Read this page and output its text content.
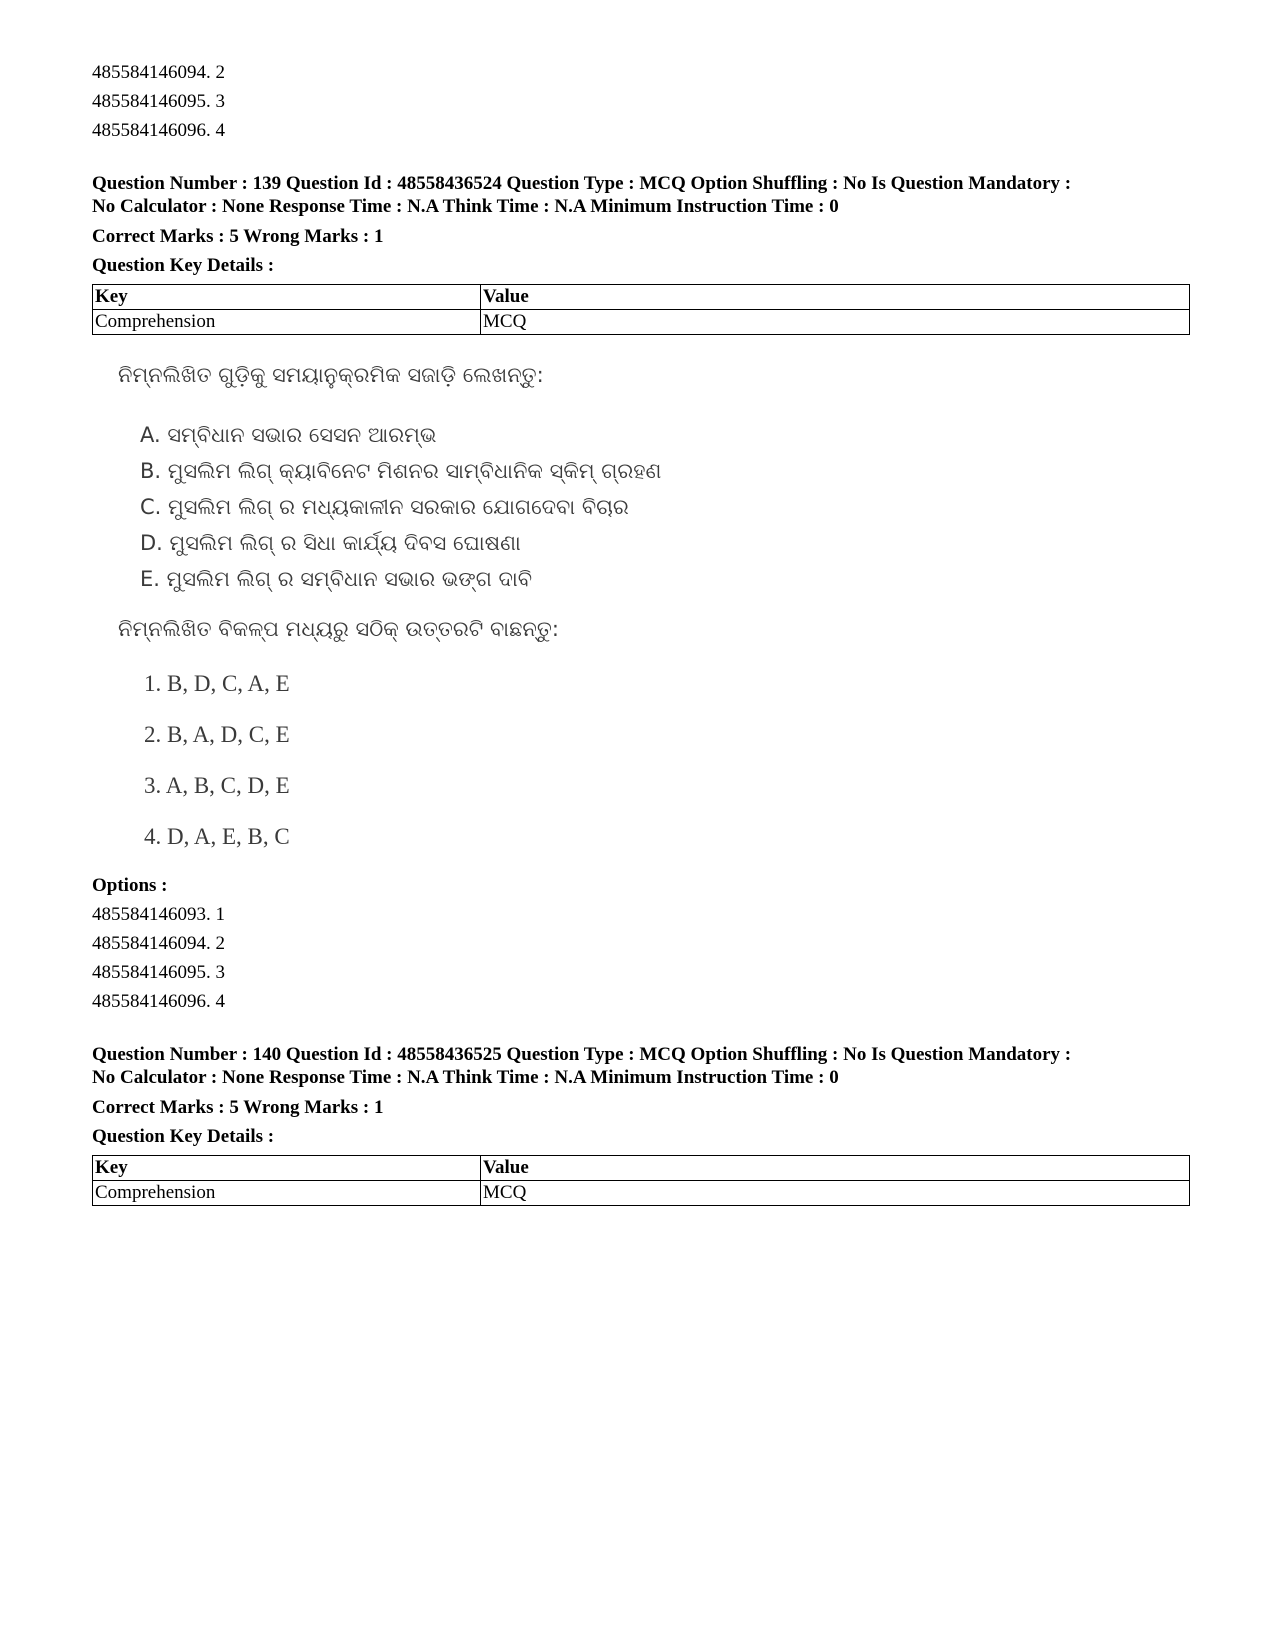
485584146094. 2
485584146095. 3
485584146096. 4
Question Number : 139 Question Id : 48558436524 Question Type : MCQ Option Shuffling : No Is Question Mandatory :
No Calculator : None Response Time : N.A Think Time : N.A Minimum Instruction Time : 0
Correct Marks : 5 Wrong Marks : 1
Question Key Details :
Key	Value
Comprehension	MCQ
ନିମ୍ନଲିଖିତ ଗୁଡ଼ିକୁ ସମୟାନୁକ୍ରମିକ ସଜାଡ଼ି ଲେଖନ୍ତୁ:
A. ସମ୍ବିଧାନ ସଭାର ସେସନ ଆରମ୍ଭ
B. ମୁସଲିମ ଲିଗ୍ କ୍ୟାବିନେଟ ମିଶନର ସାମ୍ବିଧାନିକ ସ୍କିମ୍ ଗ୍ରହଣ
C. ମୁସଲିମ ଲିଗ୍ ର ମଧ୍ୟକାଳୀନ ସରକାର ଯୋଗଦେବା ବିଚାର
D. ମୁସଲିମ ଲିଗ୍ ର ସିଧା କାର୍ଯ୍ୟ ଦିବସ ଘୋଷଣା
E. ମୁସଲିମ ଲିଗ୍ ର ସମ୍ବିଧାନ ସଭାର ଭଙ୍ଗ ଦାବି
ନିମ୍ନଲିଖିତ ବିକଳ୍ପ ମଧ୍ୟରୁ ସଠିକ୍ ଉତ୍ତରଟି ବାଛନ୍ତୁ:
1. B, D, C, A, E
2. B, A, D, C, E
3. A, B, C, D, E
4. D, A, E, B, C
Options :
485584146093. 1
485584146094. 2
485584146095. 3
485584146096. 4
Question Number : 140 Question Id : 48558436525 Question Type : MCQ Option Shuffling : No Is Question Mandatory :
No Calculator : None Response Time : N.A Think Time : N.A Minimum Instruction Time : 0
Correct Marks : 5 Wrong Marks : 1
Question Key Details :
Key	Value
Comprehension	MCQ
